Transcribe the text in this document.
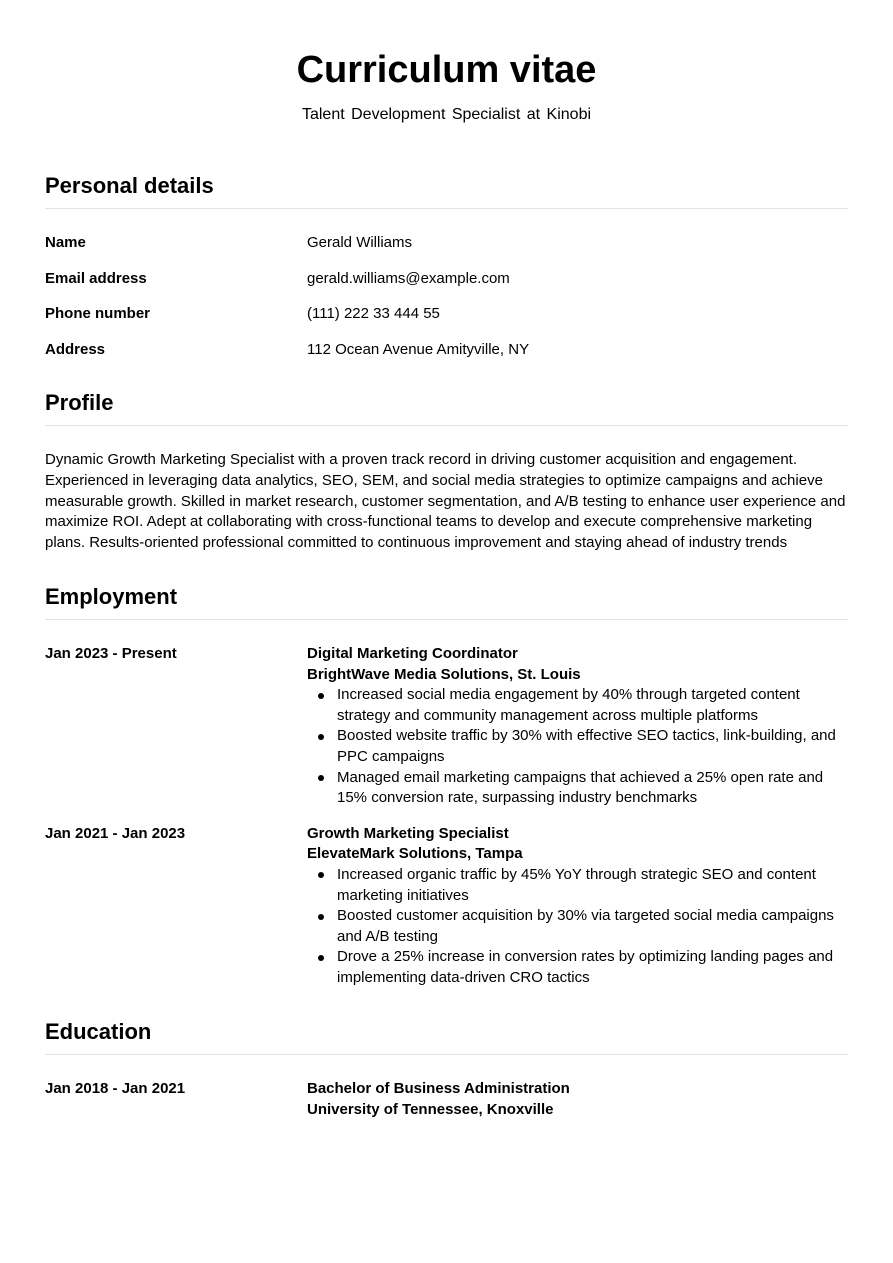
Curriculum vitae

Talent Development Specialist at Kinobi

Personal details
Name	Gerald Williams
Email address	gerald.williams@example.com
Phone number	(111) 222 33 444 55
Address	112 Ocean Avenue Amityville, NY
Profile

Dynamic Growth Marketing Specialist with a proven track record in driving customer acquisition and engagement. Experienced in leveraging data analytics, SEO, SEM, and social media strategies to optimize campaigns and achieve measurable growth. Skilled in market research, customer segmentation, and A/B testing to enhance user experience and maximize ROI. Adept at collaborating with cross-functional teams to develop and execute comprehensive marketing plans. Results-oriented professional committed to continuous improvement and staying ahead of industry trends

Employment
Jan 2023 - Present	Digital Marketing Coordinator
BrightWave Media Solutions, St. Louis
Increased social media engagement by 40% through targeted content strategy and community management across multiple platforms
Boosted website traffic by 30% with effective SEO tactics, link-building, and PPC campaigns
Managed email marketing campaigns that achieved a 25% open rate and 15% conversion rate, surpassing industry benchmarks
Jan 2021 - Jan 2023	Growth Marketing Specialist
ElevateMark Solutions, Tampa
Increased organic traffic by 45% YoY through strategic SEO and content marketing initiatives
Boosted customer acquisition by 30% via targeted social media campaigns and A/B testing
Drove a 25% increase in conversion rates by optimizing landing pages and implementing data-driven CRO tactics
Education
Jan 2018 - Jan 2021	Bachelor of Business Administration
University of Tennessee, Knoxville
